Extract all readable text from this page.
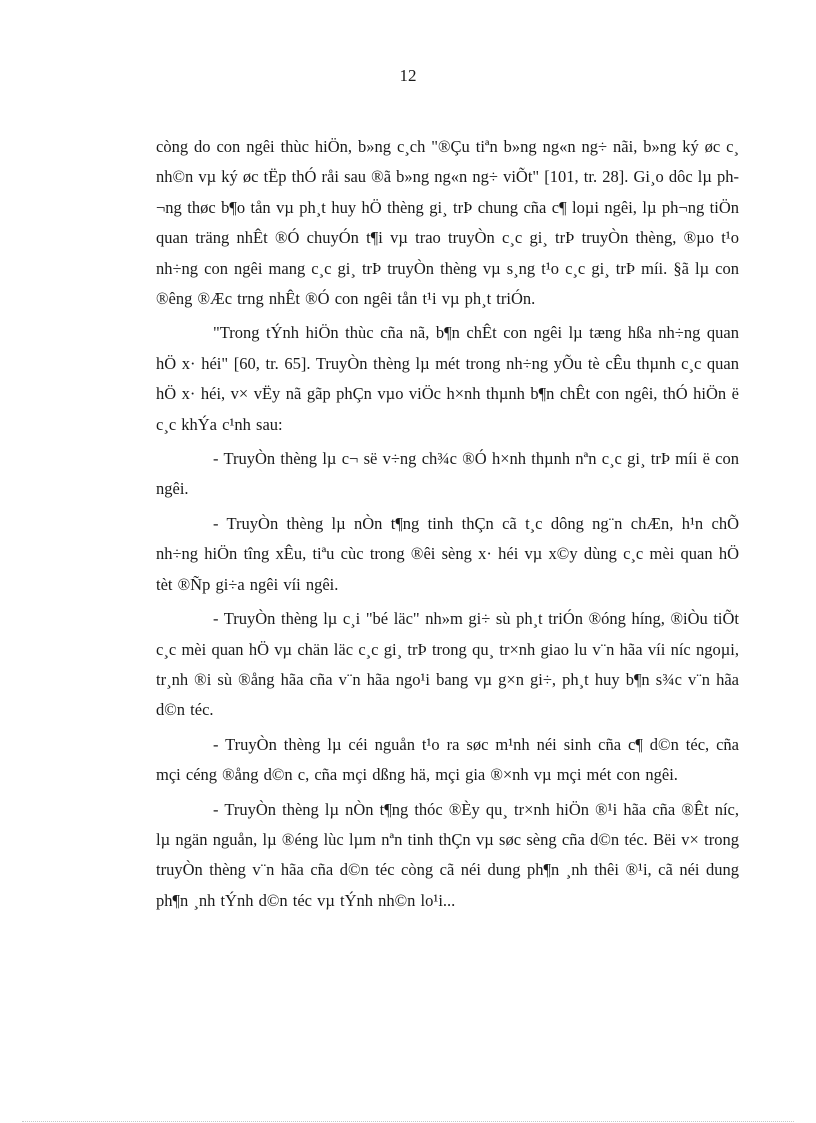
12

còng do con ngêi thùc hiÖn, b»ng c¸ch "®Çu tiªn b»ng ng«n ng÷ nãi, b»ng ký øc c¸ nh©n vµ ký øc tËp thÓ råi sau ®ã b»ng ng«n ng÷ viÕt" [101, tr. 28]. Gi¸o dôc lµ ph¬ng thøc b¶o tån vµ ph¸t huy hÖ thèng gi¸ trÞ chung cña c¶ loµi ngêi, lµ ph¬ng tiÖn quan träng nhÊt ®Ó chuyÓn t¶i vµ trao truyÒn c¸c gi¸ trÞ truyÒn thèng, ®µo t¹o nh÷ng con ngêi mang c¸c gi¸ trÞ truyÒn thèng vµ s¸ng t¹o c¸c gi¸ trÞ míi. §ã lµ con ®êng ®Æc trng nhÊt ®Ó con ngêi tån t¹i vµ ph¸t triÓn.

"Trong tÝnh hiÖn thùc cña nã, b¶n chÊt con ngêi lµ tæng hßa nh÷ng quan hÖ x· héi" [60, tr. 65]. TruyÒn thèng lµ mét trong nh÷ng yÕu tè cÊu thµnh c¸c quan hÖ x· héi, v× vËy nã gãp phÇn vµo viÖc h×nh thµnh b¶n chÊt con ngêi, thÓ hiÖn ë c¸c khÝa c¹nh sau:

- TruyÒn thèng lµ c¬ së v÷ng ch¾c ®Ó h×nh thµnh nªn c¸c gi¸ trÞ míi ë con ngêi.

- TruyÒn thèng lµ nÒn t¶ng tinh thÇn cã t¸c dông ng¨n chÆn, h¹n chÕ nh÷ng hiÖn tîng xÊu, tiªu cùc trong ®êi sèng x· héi vµ x©y dùng c¸c mèi quan hÖ tèt ®Ñp gi÷a ngêi víi ngêi.

- TruyÒn thèng lµ c¸i "bé läc" nh»m gi÷ sù ph¸t triÓn ®óng híng, ®iÒu tiÕt c¸c mèi quan hÖ vµ chän läc c¸c gi¸ trÞ trong qu¸ tr×nh giao lu v¨n hãa víi níc ngoµi, tr¸nh ®i sù ®ång hãa cña v¨n hãa ngo¹i bang vµ g×n gi÷, ph¸t huy b¶n s¾c v¨n hãa d©n téc.

- TruyÒn thèng lµ céi nguån t¹o ra søc m¹nh néi sinh cña c¶ d©n téc, cña mçi céng ®ång d©n c, cña mçi dßng hä, mçi gia ®×nh vµ mçi mét con ngêi.

- TruyÒn thèng lµ nÒn t¶ng thóc ®Èy qu¸ tr×nh hiÖn ®¹i hãa cña ®Êt níc, lµ ngän nguån, lµ ®éng lùc lµm nªn tinh thÇn vµ søc sèng cña d©n téc. Bëi v× trong truyÒn thèng v¨n hãa cña d©n téc còng cã néi dung ph¶n ¸nh thêi ®¹i, cã néi dung ph¶n ¸nh tÝnh d©n téc vµ tÝnh nh©n lo¹i...
